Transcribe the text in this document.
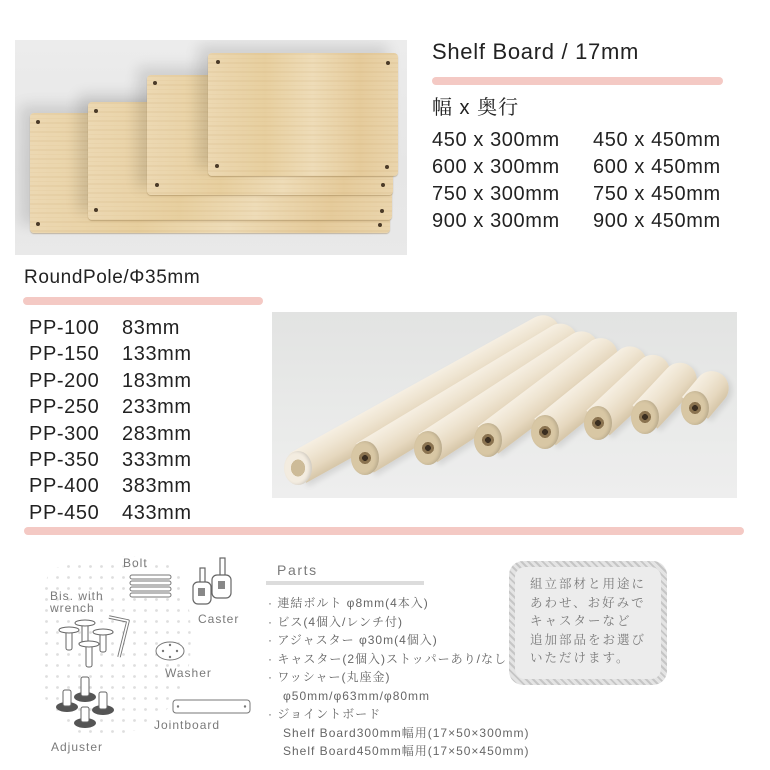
Shelf Board / 17mm
幅 x 奥行
450 x 300mm	450 x 450mm
600 x 300mm	600 x 450mm
750 x 300mm	750 x 450mm
900 x 300mm	900 x 450mm
RoundPole/Φ35mm
PP-100	83mm
PP-150	133mm
PP-200	183mm
PP-250	233mm
PP-300	283mm
PP-350	333mm
PP-400	383mm
PP-450	433mm
Bolt
Caster
Bis. with
wrench
Washer
Adjuster
Jointboard
Parts
· 連結ボルト φ8mm(4本入)
· ビス(4個入/レンチ付)
· アジャスター φ30m(4個入)
· キャスター(2個入)ストッパーあり/なし
· ワッシャー(丸座金)
φ50mm/φ63mm/φ80mm
· ジョイントボード
Shelf Board300mm幅用(17×50×300mm)
Shelf Board450mm幅用(17×50×450mm)
組立部材と用途に
あわせ、お好みで
キャスターなど
追加部品をお選び
いただけます。
